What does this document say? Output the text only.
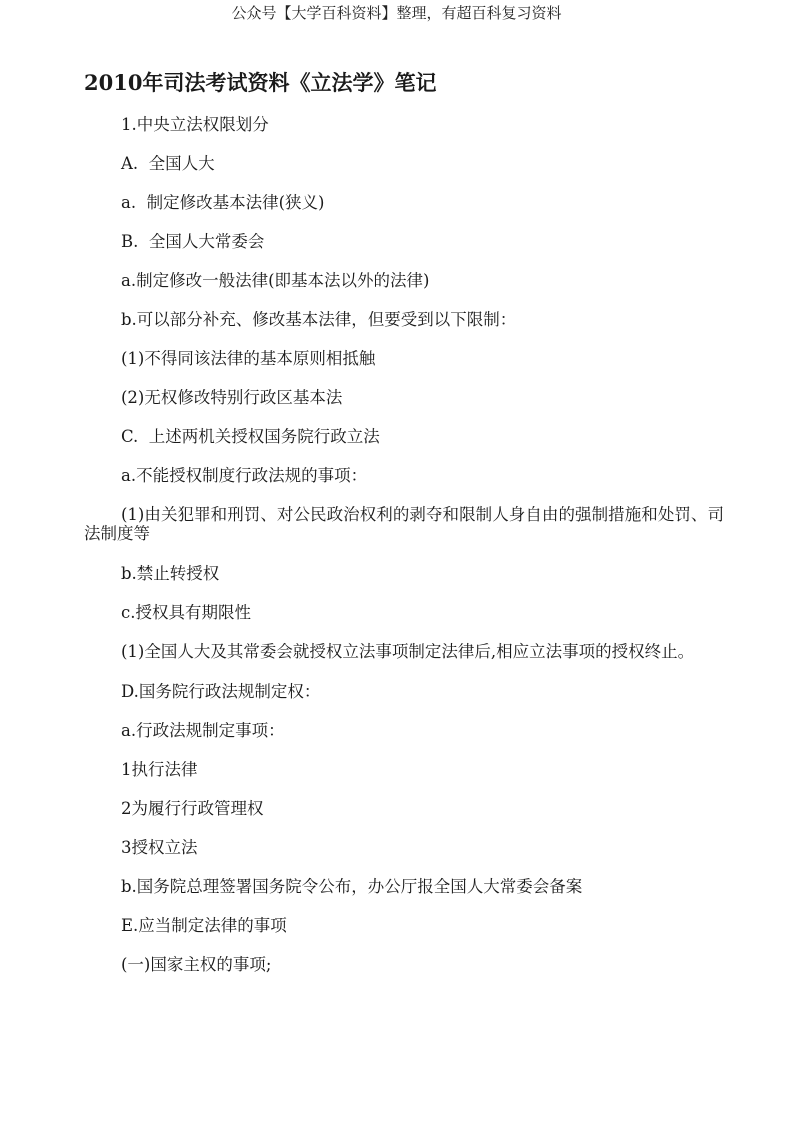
公众号【大学百科资料】整理，有超百科复习资料
2010年司法考试资料《立法学》笔记

1.中央立法权限划分

A.  全国人大

a.  制定修改基本法律(狭义)

B.  全国人大常委会

a.制定修改一般法律(即基本法以外的法律)

b.可以部分补充、修改基本法律，但要受到以下限制：

(1)不得同该法律的基本原则相抵触

(2)无权修改特别行政区基本法

C.  上述两机关授权国务院行政立法

a.不能授权制度行政法规的事项：

(1)由关犯罪和刑罚、对公民政治权利的剥夺和限制人身自由的强制措施和处罚、司法制度等

b.禁止转授权

c.授权具有期限性

(1)全国人大及其常委会就授权立法事项制定法律后,相应立法事项的授权终止。

D.国务院行政法规制定权：

a.行政法规制定事项：

1执行法律

2为履行行政管理权

3授权立法

b.国务院总理签署国务院令公布，办公厅报全国人大常委会备案

E.应当制定法律的事项

(一)国家主权的事项;
